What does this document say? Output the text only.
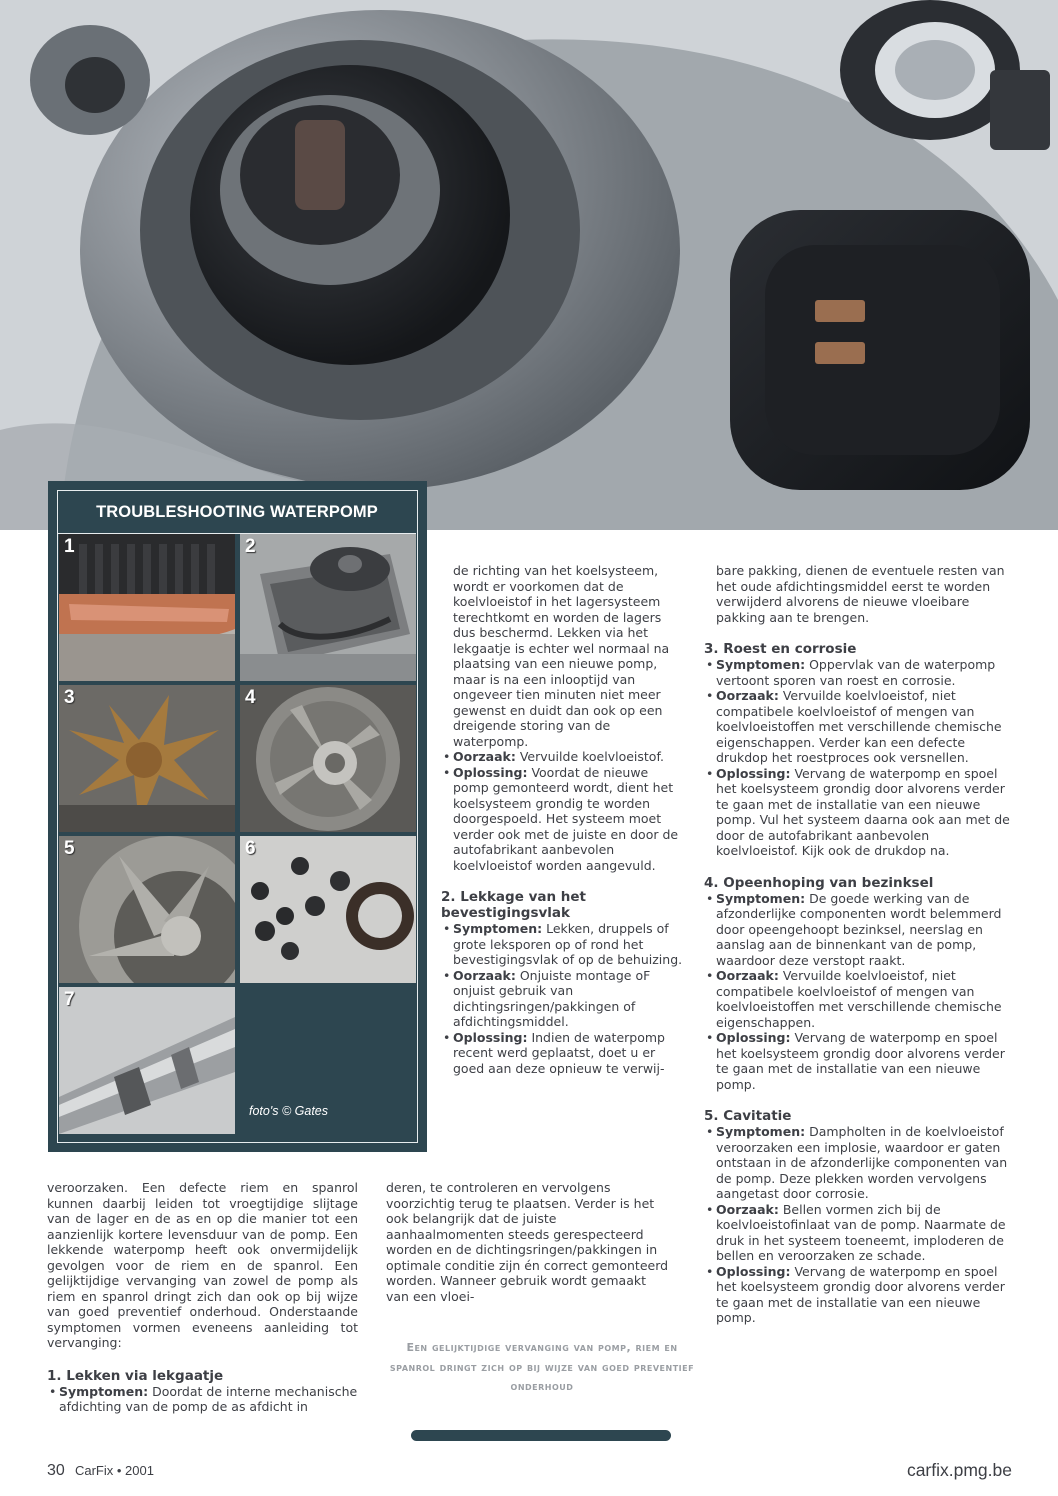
TROUBLESHOOTING WATERPOMP
1	2
3	4
5	6
7
foto's © Gates

veroorzaken. Een defecte riem en spanrol kunnen daarbij leiden tot vroegtijdige slijtage van de lager en de as en op die manier tot een aanzienlijk kortere levensduur van de pomp. Een lekkende waterpomp heeft ook onvermijdelijk gevolgen voor de riem en de spanrol. Een gelijktijdige vervanging van zowel de pomp als riem en spanrol dringt zich dan ook op bij wijze van goed preventief onderhoud. Onderstaande symptomen vormen eveneens aanleiding tot vervanging:

1. Lekken via lekgaatje

• Symptomen: Doordat de interne mechanische afdichting van de pomp de as afdicht in

de richting van het koelsysteem, wordt er voorkomen dat de koelvloeistof in het lagersysteem terechtkomt en worden de lagers dus beschermd. Lekken via het lekgaatje is echter wel normaal na plaatsing van een nieuwe pomp, maar is na een inlooptijd van ongeveer tien minuten niet meer gewenst en duidt dan ook op een dreigende storing van de waterpomp.

• Oorzaak: Vervuilde koelvloeistof.

• Oplossing: Voordat de nieuwe pomp gemonteerd wordt, dient het koelsysteem grondig te worden doorgespoeld. Het systeem moet verder ook met de juiste en door de autofabrikant aanbevolen koelvloeistof worden aangevuld.

2. Lekkage van het bevestigingsvlak

• Symptomen: Lekken, druppels of grote leksporen op of rond het bevestigingsvlak of op de behuizing.

• Oorzaak: Onjuiste montage oF onjuist gebruik van dichtingsringen/pakkingen of afdichtingsmiddel.

• Oplossing: Indien de waterpomp recent werd geplaatst, doet u er goed aan deze opnieuw te verwij-

deren, te controleren en vervolgens voorzichtig terug te plaatsen. Verder is het ook belangrijk dat de juiste aanhaalmomenten steeds gerespecteerd worden en de dichtingsringen/pakkingen in optimale conditie zijn én correct gemonteerd worden. Wanneer gebruik wordt gemaakt van een vloei-

Een gelijktijdige vervanging van pomp, riem en spanrol dringt zich op bij wijze van goed preventief onderhoud

bare pakking, dienen de eventuele resten van het oude afdichtingsmiddel eerst te worden verwijderd alvorens de nieuwe vloeibare pakking aan te brengen.

3. Roest en corrosie

• Symptomen: Oppervlak van de waterpomp vertoont sporen van roest en corrosie.

• Oorzaak: Vervuilde koelvloeistof, niet compatibele koelvloeistof of mengen van koelvloeistoffen met verschillende chemische eigenschappen. Verder kan een defecte drukdop het roestproces ook versnellen.

• Oplossing: Vervang de waterpomp en spoel het koelsysteem grondig door alvorens verder te gaan met de installatie van een nieuwe pomp. Vul het systeem daarna ook aan met de door de autofabrikant aanbevolen koelvloeistof. Kijk ook de drukdop na.

4. Opeenhoping van bezinksel

• Symptomen: De goede werking van de afzonderlijke componenten wordt belemmerd door opeengehoopt bezinksel, neerslag en aanslag aan de binnenkant van de pomp, waardoor deze verstopt raakt.

• Oorzaak: Vervuilde koelvloeistof, niet compatibele koelvloeistof of mengen van koelvloeistoffen met verschillende chemische eigenschappen.

• Oplossing: Vervang de waterpomp en spoel het koelsysteem grondig door alvorens verder te gaan met de installatie van een nieuwe pomp.

5. Cavitatie

• Symptomen: Dampholten in de koelvloeistof veroorzaken een implosie, waardoor er gaten ontstaan in de afzonderlijke componenten van de pomp. Deze plekken worden vervolgens aangetast door corrosie.

• Oorzaak: Bellen vormen zich bij de koelvloeistofinlaat van de pomp. Naarmate de druk in het systeem toeneemt, imploderen de bellen en veroorzaken ze schade.

• Oplossing: Vervang de waterpomp en spoel het koelsysteem grondig door alvorens verder te gaan met de installatie van een nieuwe pomp.

30 CarFix • 2001	carfix.pmg.be
